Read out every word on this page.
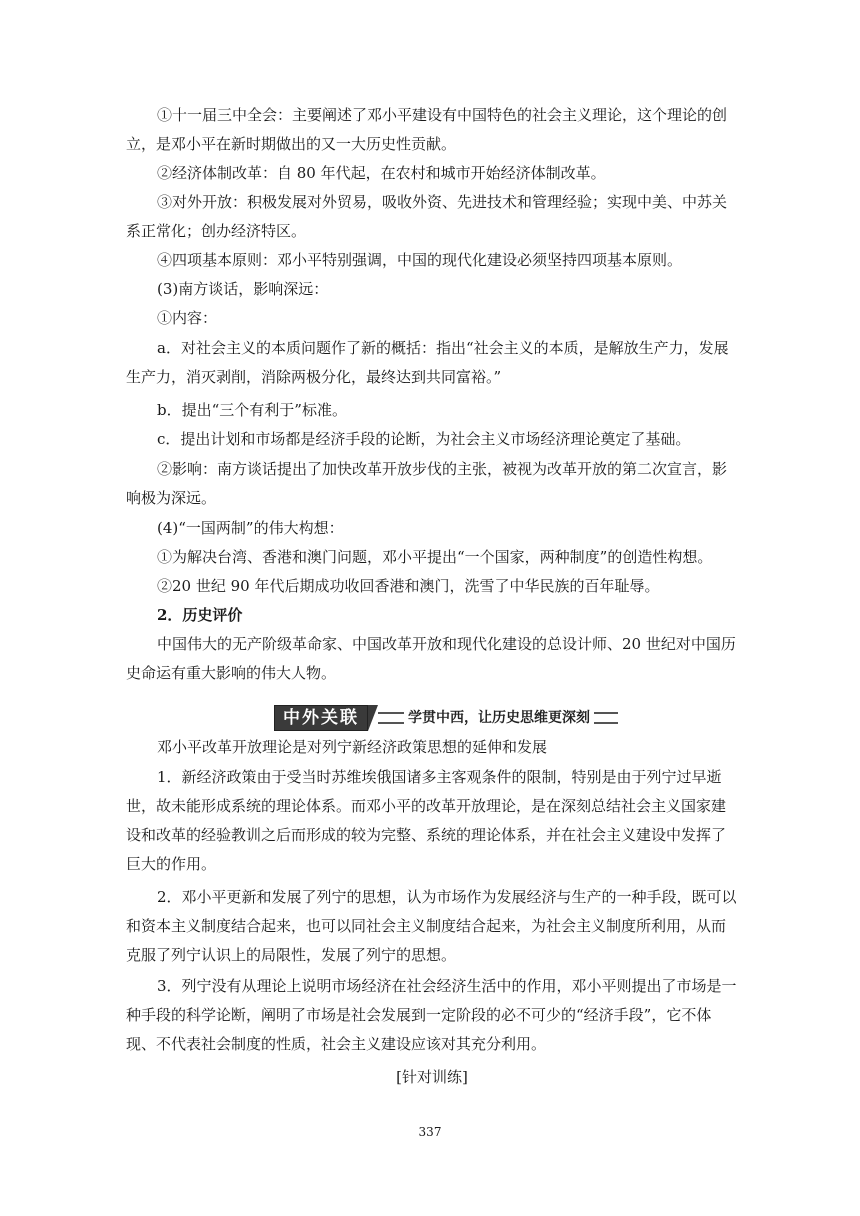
①十一届三中全会：主要阐述了邓小平建设有中国特色的社会主义理论，这个理论的创立，是邓小平在新时期做出的又一大历史性贡献。

②经济体制改革：自 80 年代起，在农村和城市开始经济体制改革。

③对外开放：积极发展对外贸易，吸收外资、先进技术和管理经验；实现中美、中苏关系正常化；创办经济特区。

④四项基本原则：邓小平特别强调，中国的现代化建设必须坚持四项基本原则。

(3)南方谈话，影响深远：

①内容：

a．对社会主义的本质问题作了新的概括：指出“社会主义的本质，是解放生产力，发展生产力，消灭剥削，消除两极分化，最终达到共同富裕。”

b．提出“三个有利于”标准。

c．提出计划和市场都是经济手段的论断，为社会主义市场经济理论奠定了基础。

②影响：南方谈话提出了加快改革开放步伐的主张，被视为改革开放的第二次宣言，影响极为深远。

(4)“一国两制”的伟大构想：

①为解决台湾、香港和澳门问题，邓小平提出“一个国家，两种制度”的创造性构想。

②20 世纪 90 年代后期成功收回香港和澳门，洗雪了中华民族的百年耻辱。

2．历史评价

中国伟大的无产阶级革命家、中国改革开放和现代化建设的总设计师、20 世纪对中国历史命运有重大影响的伟大人物。

中外关联	学贯中西，让历史思维更深刻

邓小平改革开放理论是对列宁新经济政策思想的延伸和发展

1．新经济政策由于受当时苏维埃俄国诸多主客观条件的限制，特别是由于列宁过早逝世，故未能形成系统的理论体系。而邓小平的改革开放理论，是在深刻总结社会主义国家建设和改革的经验教训之后而形成的较为完整、系统的理论体系，并在社会主义建设中发挥了巨大的作用。

2．邓小平更新和发展了列宁的思想，认为市场作为发展经济与生产的一种手段，既可以和资本主义制度结合起来，也可以同社会主义制度结合起来，为社会主义制度所利用，从而克服了列宁认识上的局限性，发展了列宁的思想。

3．列宁没有从理论上说明市场经济在社会经济生活中的作用，邓小平则提出了市场是一种手段的科学论断，阐明了市场是社会发展到一定阶段的必不可少的“经济手段”，它不体现、不代表社会制度的性质，社会主义建设应该对其充分利用。

[针对训练]

337
